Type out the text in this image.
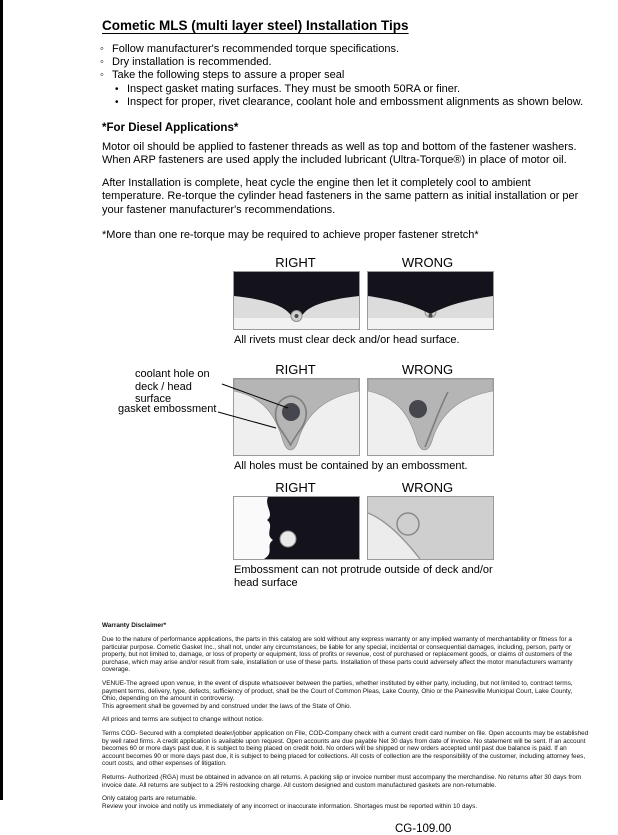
Cometic MLS (multi layer steel) Installation Tips
◦ Follow manufacturer's recommended torque specifications.
◦ Dry installation is recommended.
◦ Take the following steps to assure a proper seal
• Inspect gasket mating surfaces. They must be smooth 50RA or finer.
• Inspect for proper, rivet clearance, coolant hole and embossment alignments as shown below.
*For Diesel Applications*

Motor oil should be applied to fastener threads as well as top and bottom of the fastener washers. When ARP fasteners are used apply the included lubricant (Ultra-Torque®) in place of motor oil.

After Installation is complete, heat cycle the engine then let it completely cool to ambient temperature. Re-torque the cylinder head fasteners in the same pattern as initial installation or per your fastener manufacturer's recommendations.

*More than one re-torque may be required to achieve proper fastener stretch*

RIGHT	WRONG

All rivets must clear deck and/or head surface.

coolant hole on deck / head surface
gasket embossment
RIGHT	WRONG

All holes must be contained by an embossment.

RIGHT	WRONG

Embossment can not protrude outside of deck and/or head surface

Warranty Disclaimer*

Due to the nature of performance applications, the parts in this catalog are sold without any express warranty or any implied warranty of merchantability or fitness for a particular purpose. Cometic Gasket Inc., shall not, under any circumstances, be liable for any special, incidental or consequential damages, including, person, party or property, but not limited to, damage, or loss of property or equipment, loss of profits or revenue, cost of purchased or replacement goods, or claims of customers of the purchase, which may arise and/or result from sale, installation or use of these parts. Installation of these parts could adversely affect the motor manufacturers warranty coverage.

VENUE-The agreed upon venue, in the event of dispute whatsoever between the parties, whether instituted by either party, including, but not limited to, contract terms, payment terms, delivery, type, defects, sufficiency of product, shall be the Court of Common Pleas, Lake County, Ohio or the Painesville Municipal Court, Lake County, Ohio, depending on the amount in controversy.

This agreement shall be governed by and construed under the laws of the State of Ohio.

All prices and terms are subject to change without notice.

Terms COD- Secured with a completed dealer/jobber application on File, COD-Company check with a current credit card number on file. Open accounts may be established by well rated firms. A credit application is available upon request. Open accounts are due payable Net 30 days from date of invoice. No statement will be sent. If an account becomes 60 or more days past due, it is subject to being placed on credit hold. No orders will be shipped or new orders accepted until past due balance is paid. If an account becomes 90 or more days past due, it is subject to being placed for collections. All costs of collection are the responsibility of the customer, including attorney fees, court costs, and other expenses of litigation.

Returns- Authorized (RGA) must be obtained in advance on all returns. A packing slip or invoice number must accompany the merchandise. No returns after 30 days from invoice date. All returns are subject to a 25% restocking charge. All custom designed and custom manufactured gaskets are non-returnable.

Only catalog parts are returnable.

Review your invoice and notify us immediately of any incorrect or inaccurate information. Shortages must be reported within 10 days.

CG-109.00
